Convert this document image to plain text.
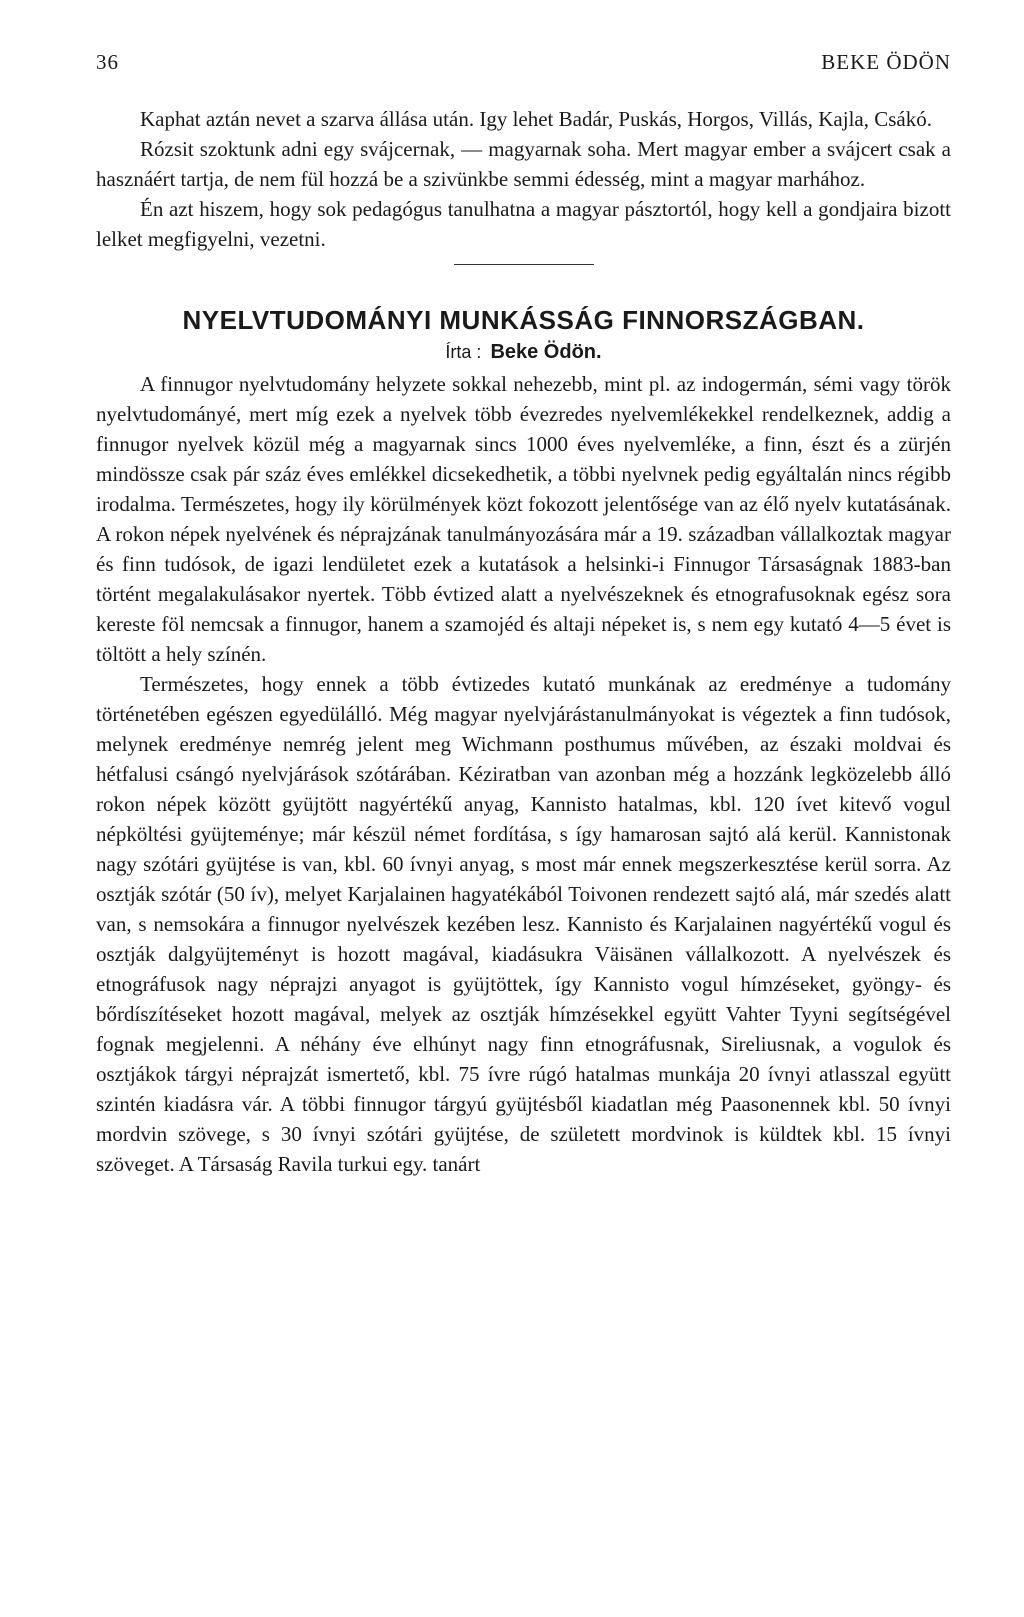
36	BEKE ÖDÖN

Kaphat aztán nevet a szarva állása után. Igy lehet Badár, Puskás, Horgos, Villás, Kajla, Csákó.

Rózsit szoktunk adni egy svájcernak, — magyarnak soha. Mert magyar ember a svájcert csak a hasznáért tartja, de nem fül hozzá be a szivünkbe semmi édesség, mint a magyar marhához.

Én azt hiszem, hogy sok pedagógus tanulhatna a magyar pásztortól, hogy kell a gondjaira bizott lelket megfigyelni, vezetni.

NYELVTUDOMÁNYI MUNKÁSSÁG FINNORSZÁGBAN.
Írta : Beke Ödön.

A finnugor nyelvtudomány helyzete sokkal nehezebb, mint pl. az indogermán, sémi vagy török nyelvtudományé, mert míg ezek a nyelvek több évezredes nyelvemlékekkel rendelkeznek, addig a finnugor nyelvek közül még a magyarnak sincs 1000 éves nyelvemléke, a finn, észt és a zürjén mindössze csak pár száz éves emlékkel dicsekedhetik, a többi nyelvnek pedig egyáltalán nincs régibb irodalma. Természetes, hogy ily körülmények közt fokozott jelentősége van az élő nyelv kutatásának. A rokon népek nyelvének és néprajzának tanulmányozására már a 19. században vállalkoztak magyar és finn tudósok, de igazi lendületet ezek a kutatások a helsinki-i Finnugor Társaságnak 1883-ban történt megalakulásakor nyertek. Több évtized alatt a nyelvészeknek és etnografusoknak egész sora kereste föl nemcsak a finnugor, hanem a szamojéd és altaji népeket is, s nem egy kutató 4—5 évet is töltött a hely színén.

Természetes, hogy ennek a több évtizedes kutató munkának az eredménye a tudomány történetében egészen egyedülálló. Még magyar nyelvjárástanulmányokat is végeztek a finn tudósok, melynek eredménye nemrég jelent meg Wichmann posthumus művében, az északi moldvai és hétfalusi csángó nyelvjárások szótárában. Kéziratban van azonban még a hozzánk legközelebb álló rokon népek között gyüjtött nagyértékű anyag, Kannisto hatalmas, kbl. 120 ívet kitevő vogul népköltési gyüjteménye; már készül német fordítása, s így hamarosan sajtó alá kerül. Kannistonak nagy szótári gyüjtése is van, kbl. 60 ívnyi anyag, s most már ennek megszerkesztése kerül sorra. Az osztják szótár (50 ív), melyet Karjalainen hagyatékából Toivonen rendezett sajtó alá, már szedés alatt van, s nemsokára a finnugor nyelvészek kezében lesz. Kannisto és Karjalainen nagyértékű vogul és osztják dalgyüjteményt is hozott magával, kiadásukra Väisänen vállalkozott. A nyelvészek és etnográfusok nagy néprajzi anyagot is gyüjtöttek, így Kannisto vogul hímzéseket, gyöngy- és bőrdíszítéseket hozott magával, melyek az osztják hímzésekkel együtt Vahter Tyyni segítségével fognak megjelenni. A néhány éve elhúnyt nagy finn etnográfusnak, Sireliusnak, a vogulok és osztjákok tárgyi néprajzát ismertető, kbl. 75 ívre rúgó hatalmas munkája 20 ívnyi atlasszal együtt szintén kiadásra vár. A többi finnugor tárgyú gyüjtésből kiadatlan még Paasonennek kbl. 50 ívnyi mordvin szövege, s 30 ívnyi szótári gyüjtése, de született mordvinok is küldtek kbl. 15 ívnyi szöveget. A Társaság Ravila turkui egy. tanárt
